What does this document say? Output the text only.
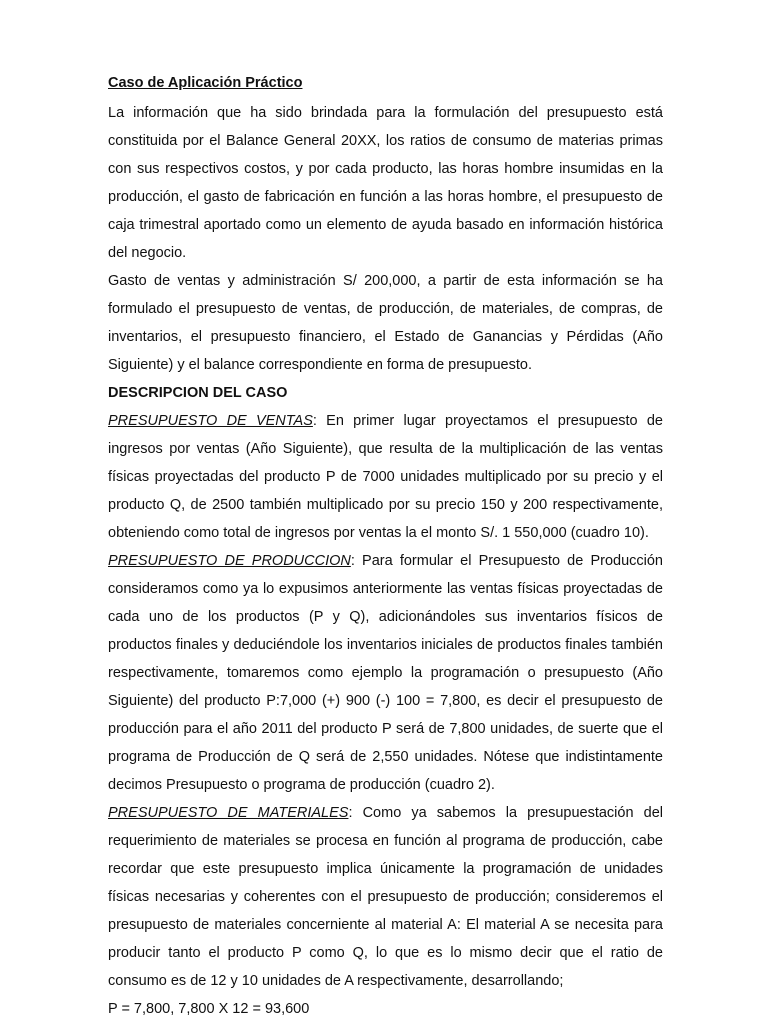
Caso de Aplicación Práctico

La información que ha sido brindada para la formulación del presupuesto está constituida por el Balance General 20XX, los ratios de consumo de materias primas con sus respectivos costos, y por cada producto, las horas hombre insumidas en la producción, el gasto de fabricación en función a las horas hombre, el presupuesto de caja trimestral aportado como un elemento de ayuda basado en información histórica del negocio.

Gasto de ventas y administración S/ 200,000, a partir de esta información se ha formulado el presupuesto de ventas, de producción, de materiales, de compras, de inventarios, el presupuesto financiero, el Estado de Ganancias y Pérdidas (Año Siguiente) y el balance correspondiente en forma de presupuesto.

DESCRIPCION DEL CASO

PRESUPUESTO DE VENTAS: En primer lugar proyectamos el presupuesto de ingresos por ventas (Año Siguiente), que resulta de la multiplicación de las ventas físicas proyectadas del producto P de 7000 unidades multiplicado por su precio y el producto Q, de 2500 también multiplicado por su precio 150 y 200 respectivamente, obteniendo como total de ingresos por ventas la el monto S/. 1 550,000 (cuadro 10).

PRESUPUESTO DE PRODUCCION: Para formular el Presupuesto de Producción consideramos como ya lo expusimos anteriormente las ventas físicas proyectadas de cada uno de los productos (P y Q), adicionándoles sus inventarios físicos de productos finales y deduciéndole los inventarios iniciales de productos finales también respectivamente, tomaremos como ejemplo la programación o presupuesto (Año Siguiente) del producto P:7,000 (+) 900 (-) 100 = 7,800, es decir el presupuesto de producción para el año 2011 del producto P será de 7,800 unidades, de suerte que el programa de Producción de Q será de 2,550 unidades. Nótese que indistintamente decimos Presupuesto o programa de producción (cuadro 2).

PRESUPUESTO DE MATERIALES: Como ya sabemos la presupuestación del requerimiento de materiales se procesa en función al programa de producción, cabe recordar que este presupuesto implica únicamente la programación de unidades físicas necesarias y coherentes con el presupuesto de producción; consideremos el presupuesto de materiales concerniente al material A: El material A se necesita para producir tanto el producto P como Q, lo que es lo mismo decir que el ratio de consumo es de 12 y 10 unidades de A respectivamente, desarrollando;

P = 7,800, 7,800 X 12 = 93,600
